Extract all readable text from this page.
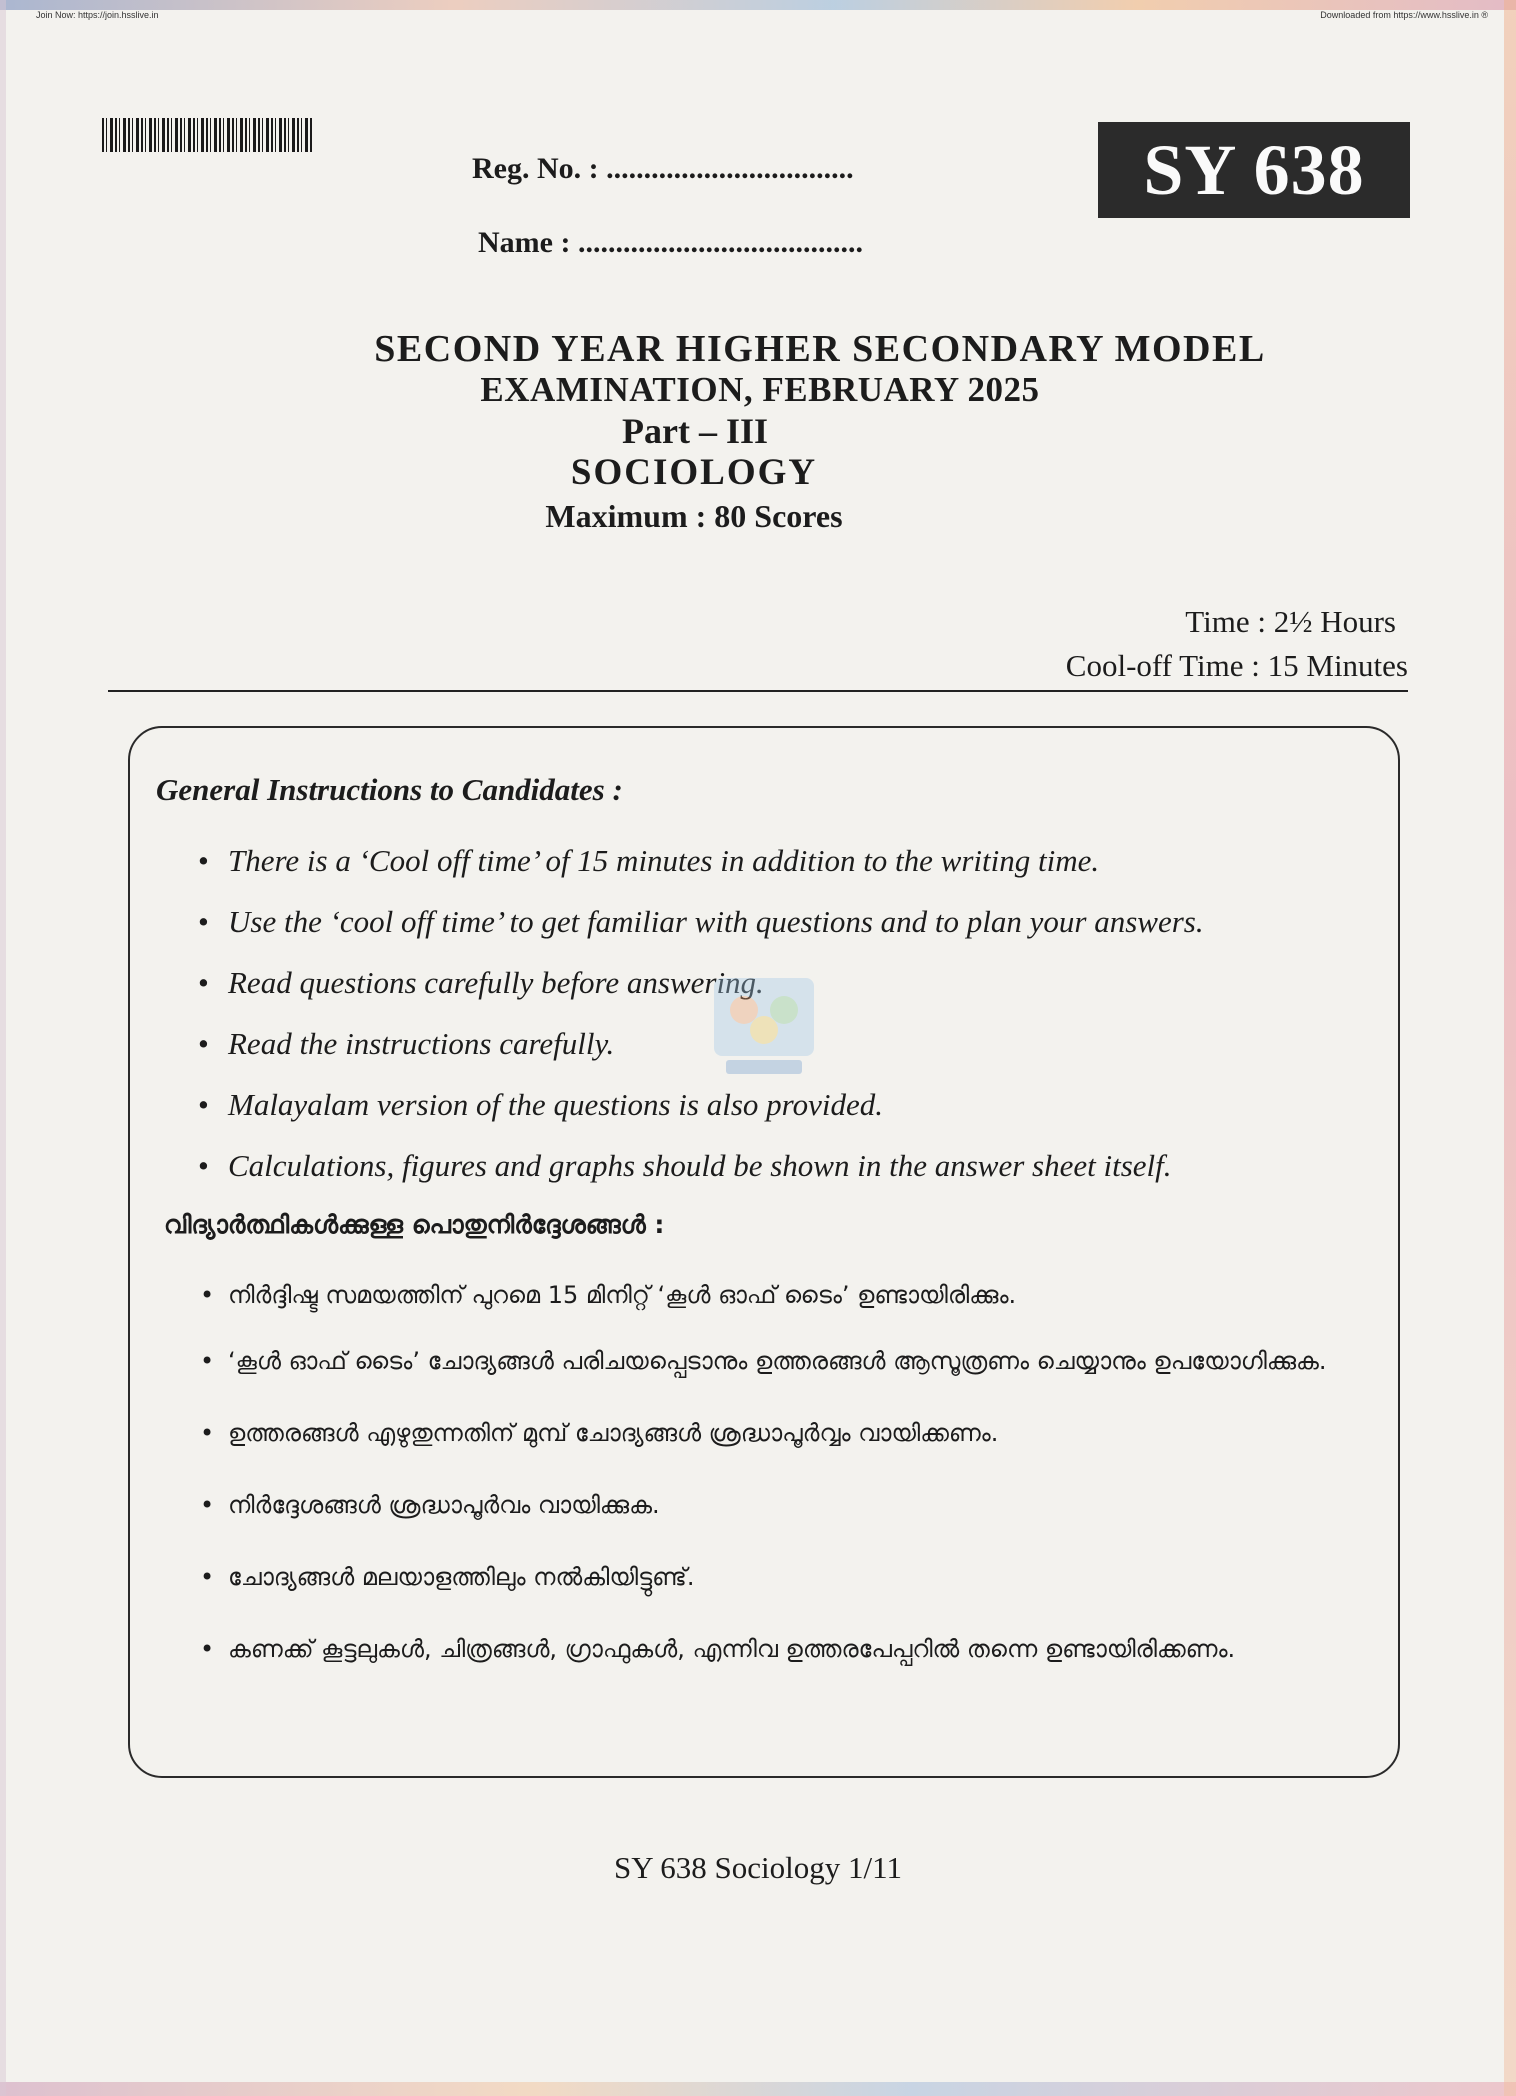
Join Now: https://join.hsslive.in	Downloaded from https://www.hsslive.in ®
SY 638
Reg. No. : .................................
Name : ......................................
SECOND YEAR HIGHER SECONDARY MODEL
EXAMINATION, FEBRUARY 2025
Part – III
SOCIOLOGY
Maximum : 80 Scores
Time : 2½ Hours
Cool-off Time : 15 Minutes
General Instructions to Candidates :
• There is a ‘Cool off time’ of 15 minutes in addition to the writing time.
• Use the ‘cool off time’ to get familiar with questions and to plan your answers.
• Read questions carefully before answering.
• Read the instructions carefully.
• Malayalam version of the questions is also provided.
• Calculations, figures and graphs should be shown in the answer sheet itself.
വിദ്യാർത്ഥികൾക്കുള്ള പൊതുനിർദ്ദേശങ്ങൾ :
• നിർദ്ദിഷ്ട സമയത്തിന് പുറമെ 15 മിനിറ്റ് ‘കൂൾ ഓഫ് ടൈം’ ഉണ്ടായിരിക്കും.
• ‘കൂൾ ഓഫ് ടൈം’ ചോദ്യങ്ങൾ പരിചയപ്പെടാനും ഉത്തരങ്ങൾ ആസൂത്രണം ചെയ്യാനും ഉപയോഗിക്കുക.
• ഉത്തരങ്ങൾ എഴുതുന്നതിന് മുമ്പ് ചോദ്യങ്ങൾ ശ്രദ്ധാപൂർവ്വം വായിക്കണം.
• നിർദ്ദേശങ്ങൾ ശ്രദ്ധാപൂർവം വായിക്കുക.
• ചോദ്യങ്ങൾ മലയാളത്തിലും നൽകിയിട്ടുണ്ട്.
• കണക്ക് കൂട്ടലുകൾ, ചിത്രങ്ങൾ, ഗ്രാഫുകൾ, എന്നിവ ഉത്തരപേപ്പറിൽ തന്നെ ഉണ്ടായിരിക്കണം.
SY 638 Sociology 1/11
